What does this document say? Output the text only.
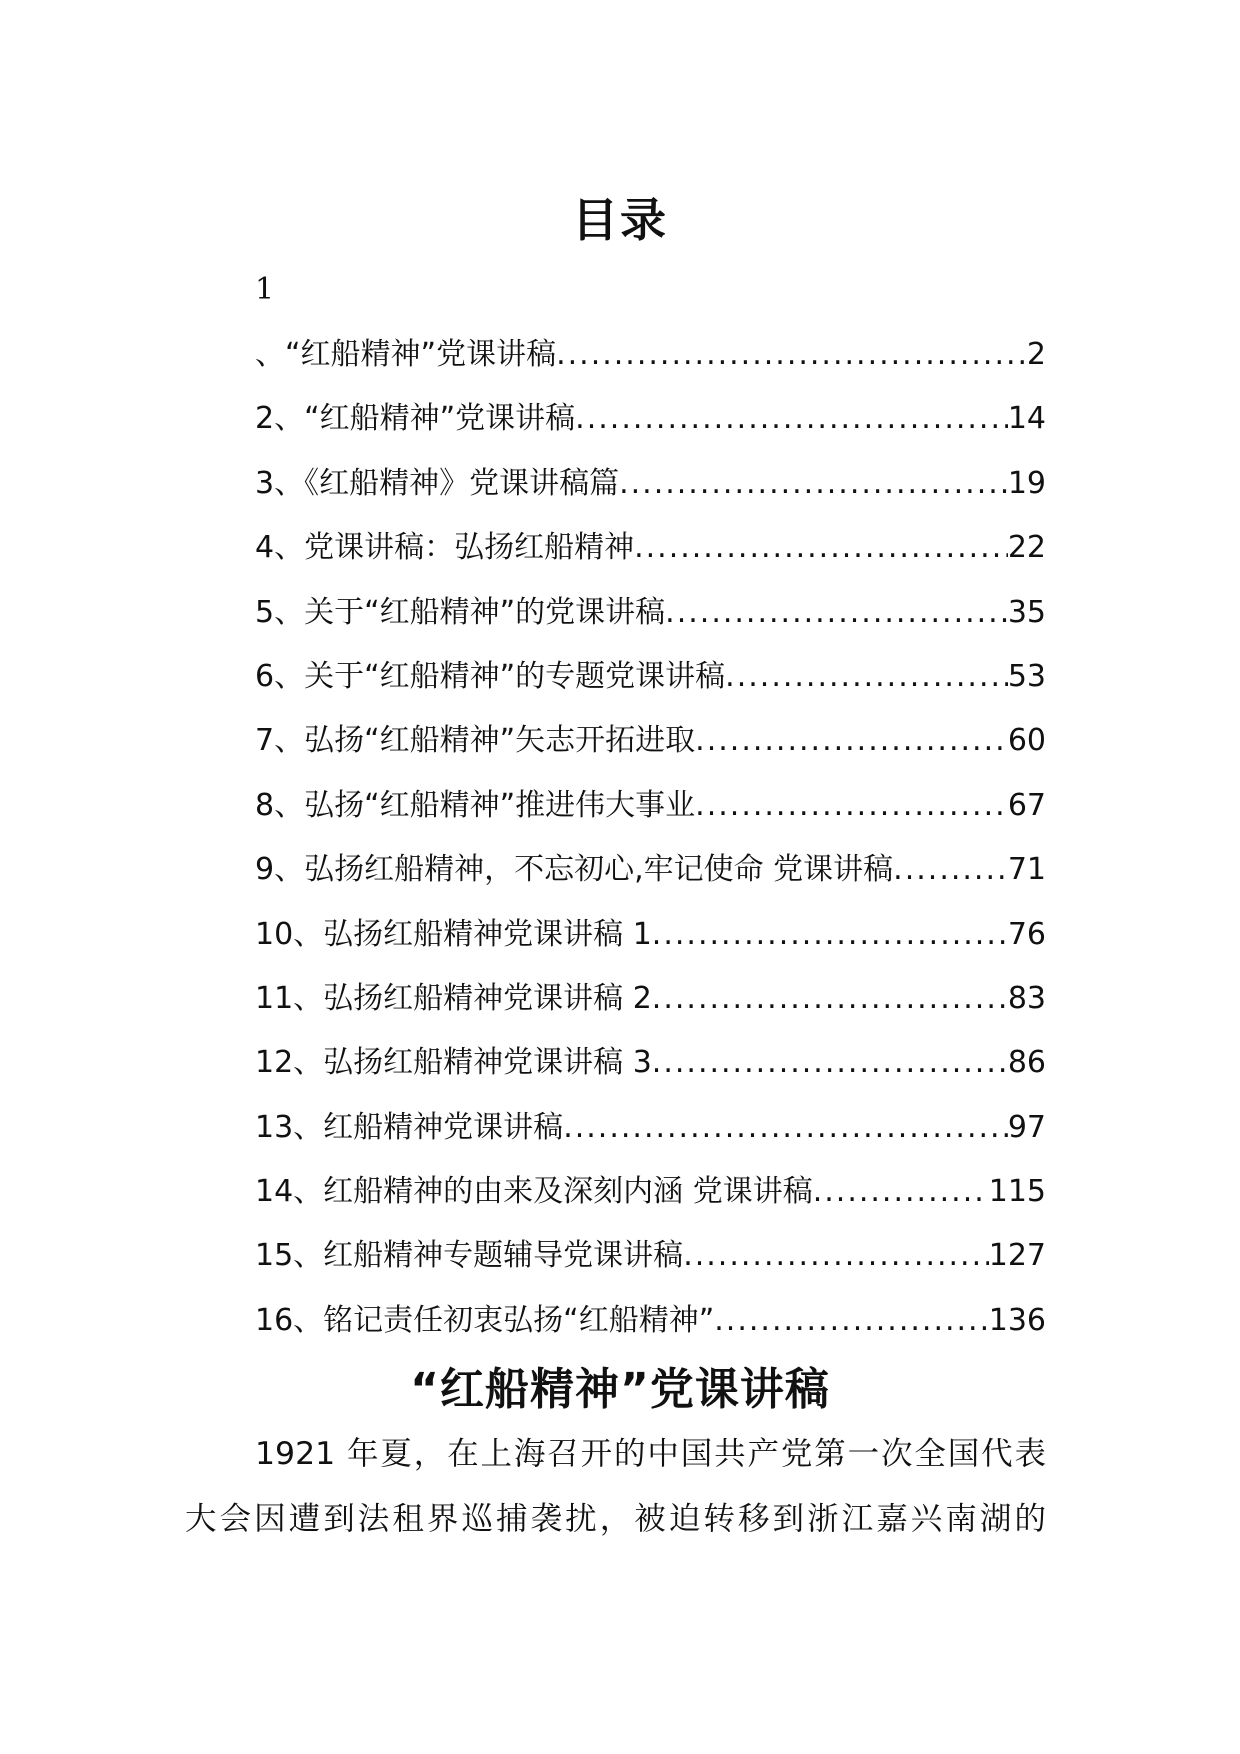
目录
1
、“红船精神”党课讲稿 .....	2
2、“红船精神”党课讲稿 .....	14
3、《红船精神》党课讲稿篇 .....	19
4、党课讲稿：弘扬红船精神 .....	22
5、关于“红船精神”的党课讲稿 .....	35
6、关于“红船精神”的专题党课讲稿 .....	53
7、弘扬“红船精神”矢志开拓进取 .....	60
8、弘扬“红船精神”推进伟大事业 .....	67
9、弘扬红船精神，不忘初心,牢记使命 党课讲稿 .....	71
10、弘扬红船精神党课讲稿 1 .....	76
11、弘扬红船精神党课讲稿 2 .....	83
12、弘扬红船精神党课讲稿 3 .....	86
13、红船精神党课讲稿 .....	97
14、红船精神的由来及深刻内涵 党课讲稿 .....	115
15、红船精神专题辅导党课讲稿 .....	127
16、铭记责任初衷弘扬“红船精神” .....	136
“红船精神”党课讲稿

1921 年夏，在上海召开的中国共产党第一次全国代表
大会因遭到法租界巡捕袭扰，被迫转移到浙江嘉兴南湖的
